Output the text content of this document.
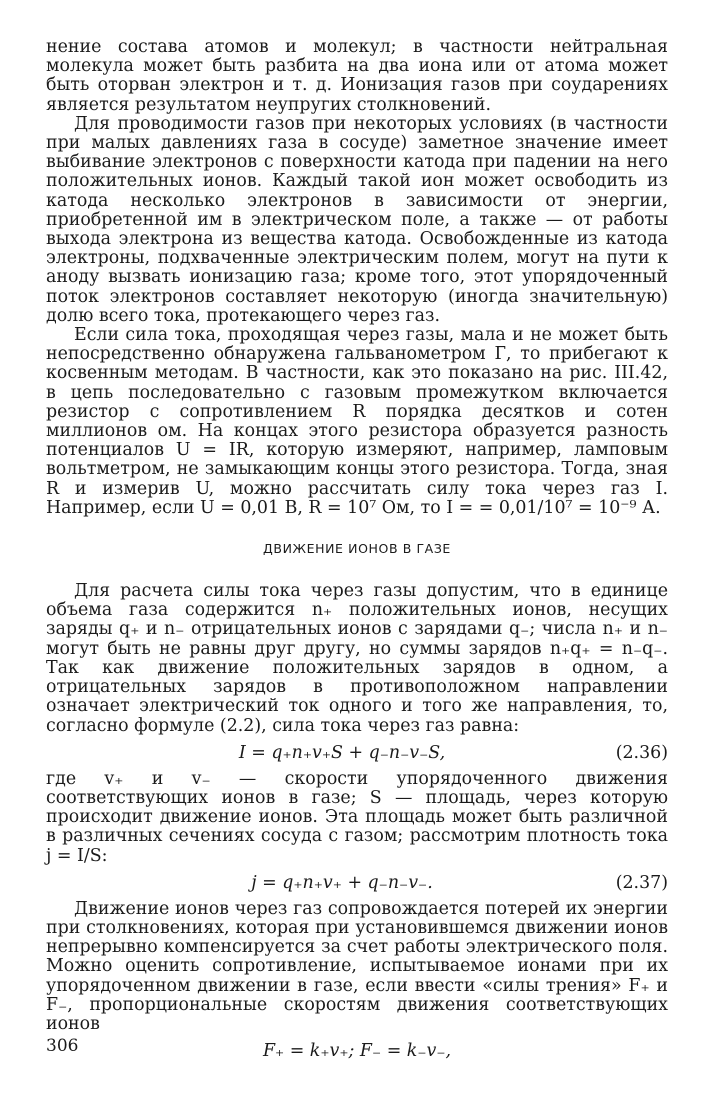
нение состава атомов и молекул; в частности нейтральная молекула может быть разбита на два иона или от атома может быть оторван электрон и т. д. Ионизация газов при соударениях является результатом неупругих столкновений.

Для проводимости газов при некоторых условиях (в частности при малых давлениях газа в сосуде) заметное значение имеет выбивание электронов с поверхности катода при падении на него положительных ионов. Каждый такой ион может освободить из катода несколько электронов в зависимости от энергии, приобретенной им в электрическом поле, а также — от работы выхода электрона из вещества катода. Освобожденные из катода электроны, подхваченные электрическим полем, могут на пути к аноду вызвать ионизацию газа; кроме того, этот упорядоченный поток электронов составляет некоторую (иногда значительную) долю всего тока, протекающего через газ.

Если сила тока, проходящая через газы, мала и не может быть непосредственно обнаружена гальванометром Г, то прибегают к косвенным методам. В частности, как это показано на рис. III.42, в цепь последовательно с газовым промежутком включается резистор с сопротивлением R порядка десятков и сотен миллионов ом. На концах этого резистора образуется разность потенциалов U = IR, которую измеряют, например, ламповым вольтметром, не замыкающим концы этого резистора. Тогда, зная R и измерив U, можно рассчитать силу тока через газ I. Например, если U = 0,01 В, R = 10⁷ Ом, то I = = 0,01/10⁷ = 10⁻⁹ А.

ДВИЖЕНИЕ ИОНОВ В ГАЗЕ

Для расчета силы тока через газы допустим, что в единице объема газа содержится n₊ положительных ионов, несущих заряды q₊ и n₋ отрицательных ионов с зарядами q₋; числа n₊ и n₋ могут быть не равны друг другу, но суммы зарядов n₊q₊ = n₋q₋. Так как движение положительных зарядов в одном, а отрицательных зарядов в противоположном направлении означает электрический ток одного и того же направления, то, согласно формуле (2.2), сила тока через газ равна:

I = q₊n₊v₊S + q₋n₋v₋S,	(2.36)

где v₊ и v₋ — скорости упорядоченного движения соответствующих ионов в газе; S — площадь, через которую происходит движение ионов. Эта площадь может быть различной в различных сечениях сосуда с газом; рассмотрим плотность тока j = I/S:

j = q₊n₊v₊ + q₋n₋v₋.	(2.37)

Движение ионов через газ сопровождается потерей их энергии при столкновениях, которая при установившемся движении ионов непрерывно компенсируется за счет работы электрического поля. Можно оценить сопротивление, испытываемое ионами при их упорядоченном движении в газе, если ввести «силы трения» F₊ и F₋, пропорциональные скоростям движения соответствующих ионов

F₊ = k₊v₊; F₋ = k₋v₋,
306
